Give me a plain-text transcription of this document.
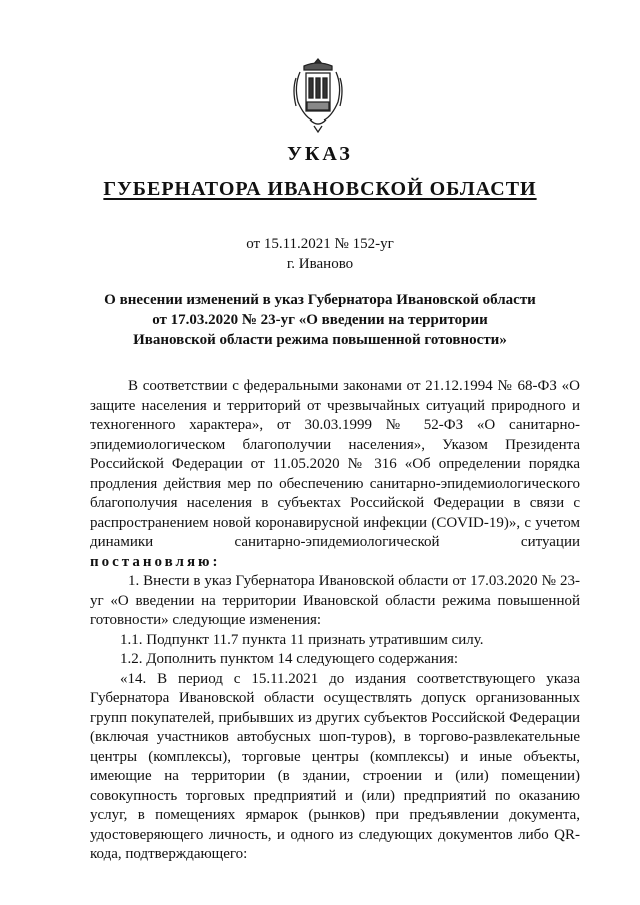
УКАЗ
ГУБЕРНАТОРА ИВАНОВСКОЙ ОБЛАСТИ
от 15.11.2021 № 152-уг
г. Иваново
О внесении изменений в указ Губернатора Ивановской области
от 17.03.2020 № 23-уг «О введении на территории
Ивановской области режима повышенной готовности»

В соответствии с федеральными законами от 21.12.1994 № 68-ФЗ «О защите населения и территорий от чрезвычайных ситуаций природного и техногенного характера», от 30.03.1999 № 52-ФЗ «О санитарно-эпидемиологическом благополучии населения», Указом Президента Российской Федерации от 11.05.2020 № 316 «Об определении порядка продления действия мер по обеспечению санитарно-эпидемиологического благополучия населения в субъектах Российской Федерации в связи с распространением новой коронавирусной инфекции (COVID-19)», с учетом динамики санитарно-эпидемиологической ситуации

постановляю:

1. Внести в указ Губернатора Ивановской области от 17.03.2020 № 23-уг «О введении на территории Ивановской области режима повышенной готовности» следующие изменения:

1.1. Подпункт 11.7 пункта 11 признать утратившим силу.

1.2. Дополнить пунктом 14 следующего содержания:

«14. В период с 15.11.2021 до издания соответствующего указа Губернатора Ивановской области осуществлять допуск организованных групп покупателей, прибывших из других субъектов Российской Федерации (включая участников автобусных шоп-туров), в торгово-развлекательные центры (комплексы), торговые центры (комплексы) и иные объекты, имеющие на территории (в здании, строении и (или) помещении) совокупность торговых предприятий и (или) предприятий по оказанию услуг, в помещениях ярмарок (рынков) при предъявлении документа, удостоверяющего личность, и одного из следующих документов либо QR-кода, подтверждающего:
